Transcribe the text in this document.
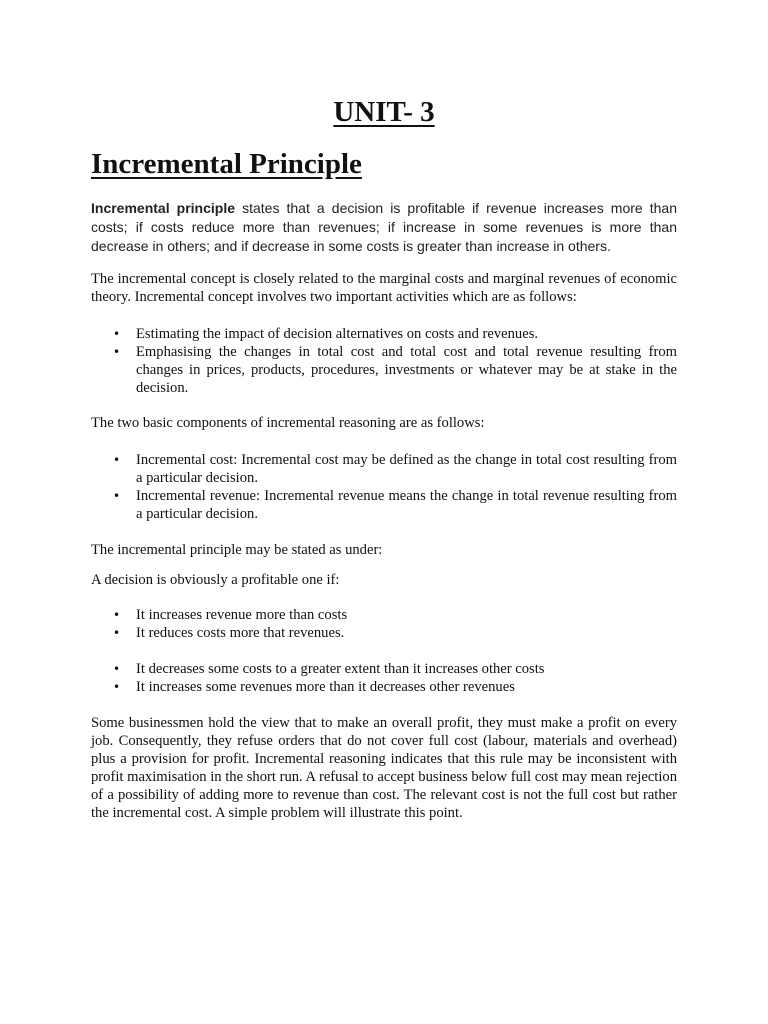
UNIT- 3
Incremental Principle
Incremental principle states that a decision is profitable if revenue increases more than costs; if costs reduce more than revenues; if increase in some revenues is more than decrease in others; and if decrease in some costs is greater than increase in others.

The incremental concept is closely related to the marginal costs and marginal revenues of economic theory. Incremental concept involves two important activities which are as follows:

• Estimating the impact of decision alternatives on costs and revenues.
• Emphasising the changes in total cost and total cost and total revenue resulting from changes in prices, products, procedures, investments or whatever may be at stake in the decision.

The two basic components of incremental reasoning are as follows:

• Incremental cost: Incremental cost may be defined as the change in total cost resulting from a particular decision.
• Incremental revenue: Incremental revenue means the change in total revenue resulting from a particular decision.

The incremental principle may be stated as under:

A decision is obviously a profitable one if:

• It increases revenue more than costs
• It reduces costs more that revenues.
• It decreases some costs to a greater extent than it increases other costs
• It increases some revenues more than it decreases other revenues

Some businessmen hold the view that to make an overall profit, they must make a profit on every job. Consequently, they refuse orders that do not cover full cost (labour, materials and overhead) plus a provision for profit. Incremental reasoning indicates that this rule may be inconsistent with profit maximisation in the short run. A refusal to accept business below full cost may mean rejection of a possibility of adding more to revenue than cost. The relevant cost is not the full cost but rather the incremental cost. A simple problem will illustrate this point.
